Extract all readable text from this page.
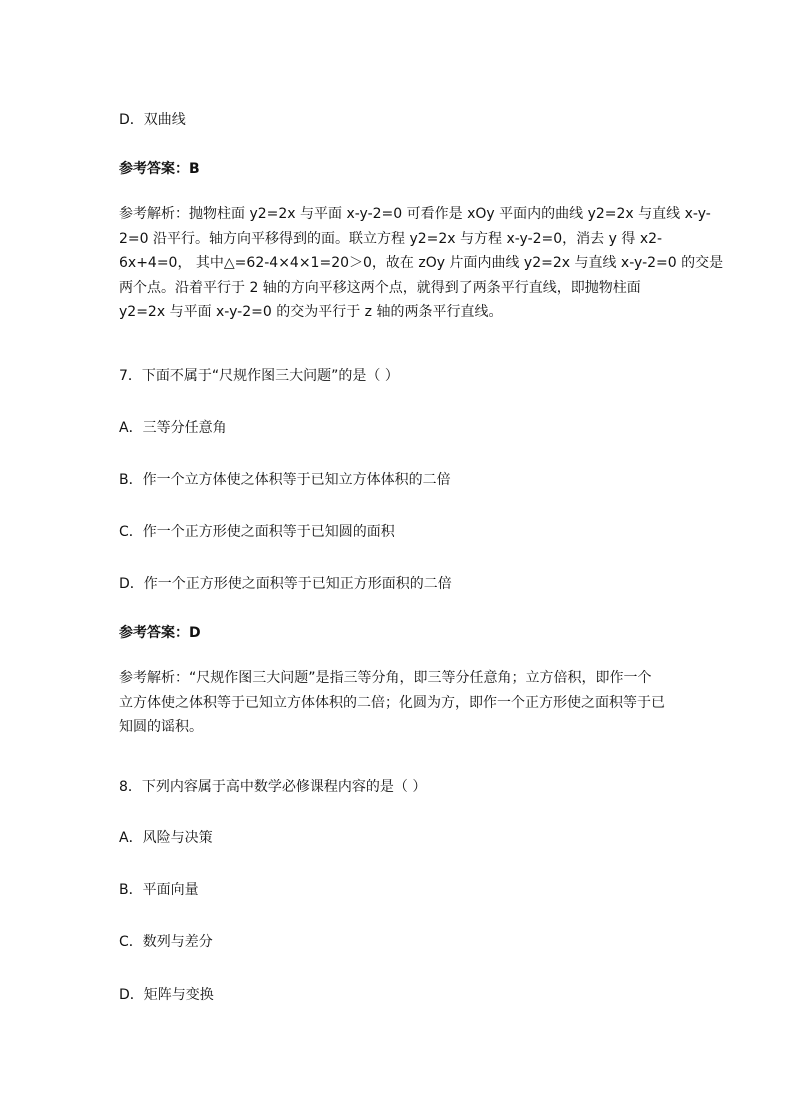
D．双曲线
参考答案：B
参考解析：抛物柱面 y2=2x 与平面 x-y-2=0 可看作是 xOy 平面内的曲线 y2=2x 与直线 x-y-
2=0 沿平行。轴方向平移得到的面。联立方程 y2=2x 与方程 x-y-2=0，消去 y 得 x2-
6x+4=0， 其中△=62-4×4×1=20＞0，故在 zOy 片面内曲线 y2=2x 与直线 x-y-2=0 的交是
两个点。沿着平行于 2 轴的方向平移这两个点，就得到了两条平行直线，即抛物柱面
y2=2x 与平面 x-y-2=0 的交为平行于 z 轴的两条平行直线。
7．下面不属于“尺规作图三大问题”的是（ ）
A．三等分任意角
B．作一个立方体使之体积等于已知立方体体积的二倍
C．作一个正方形使之面积等于已知圆的面积
D．作一个正方形使之面积等于已知正方形面积的二倍
参考答案：D
参考解析：“尺规作图三大问题”是指三等分角，即三等分任意角；立方倍积，即作一个
立方体使之体积等于已知立方体体积的二倍；化圆为方，即作一个正方形使之面积等于已
知圆的谣积。
8．下列内容属于高中数学必修课程内容的是（ ）
A．风险与决策
B．平面向量
C．数列与差分
D．矩阵与变换
